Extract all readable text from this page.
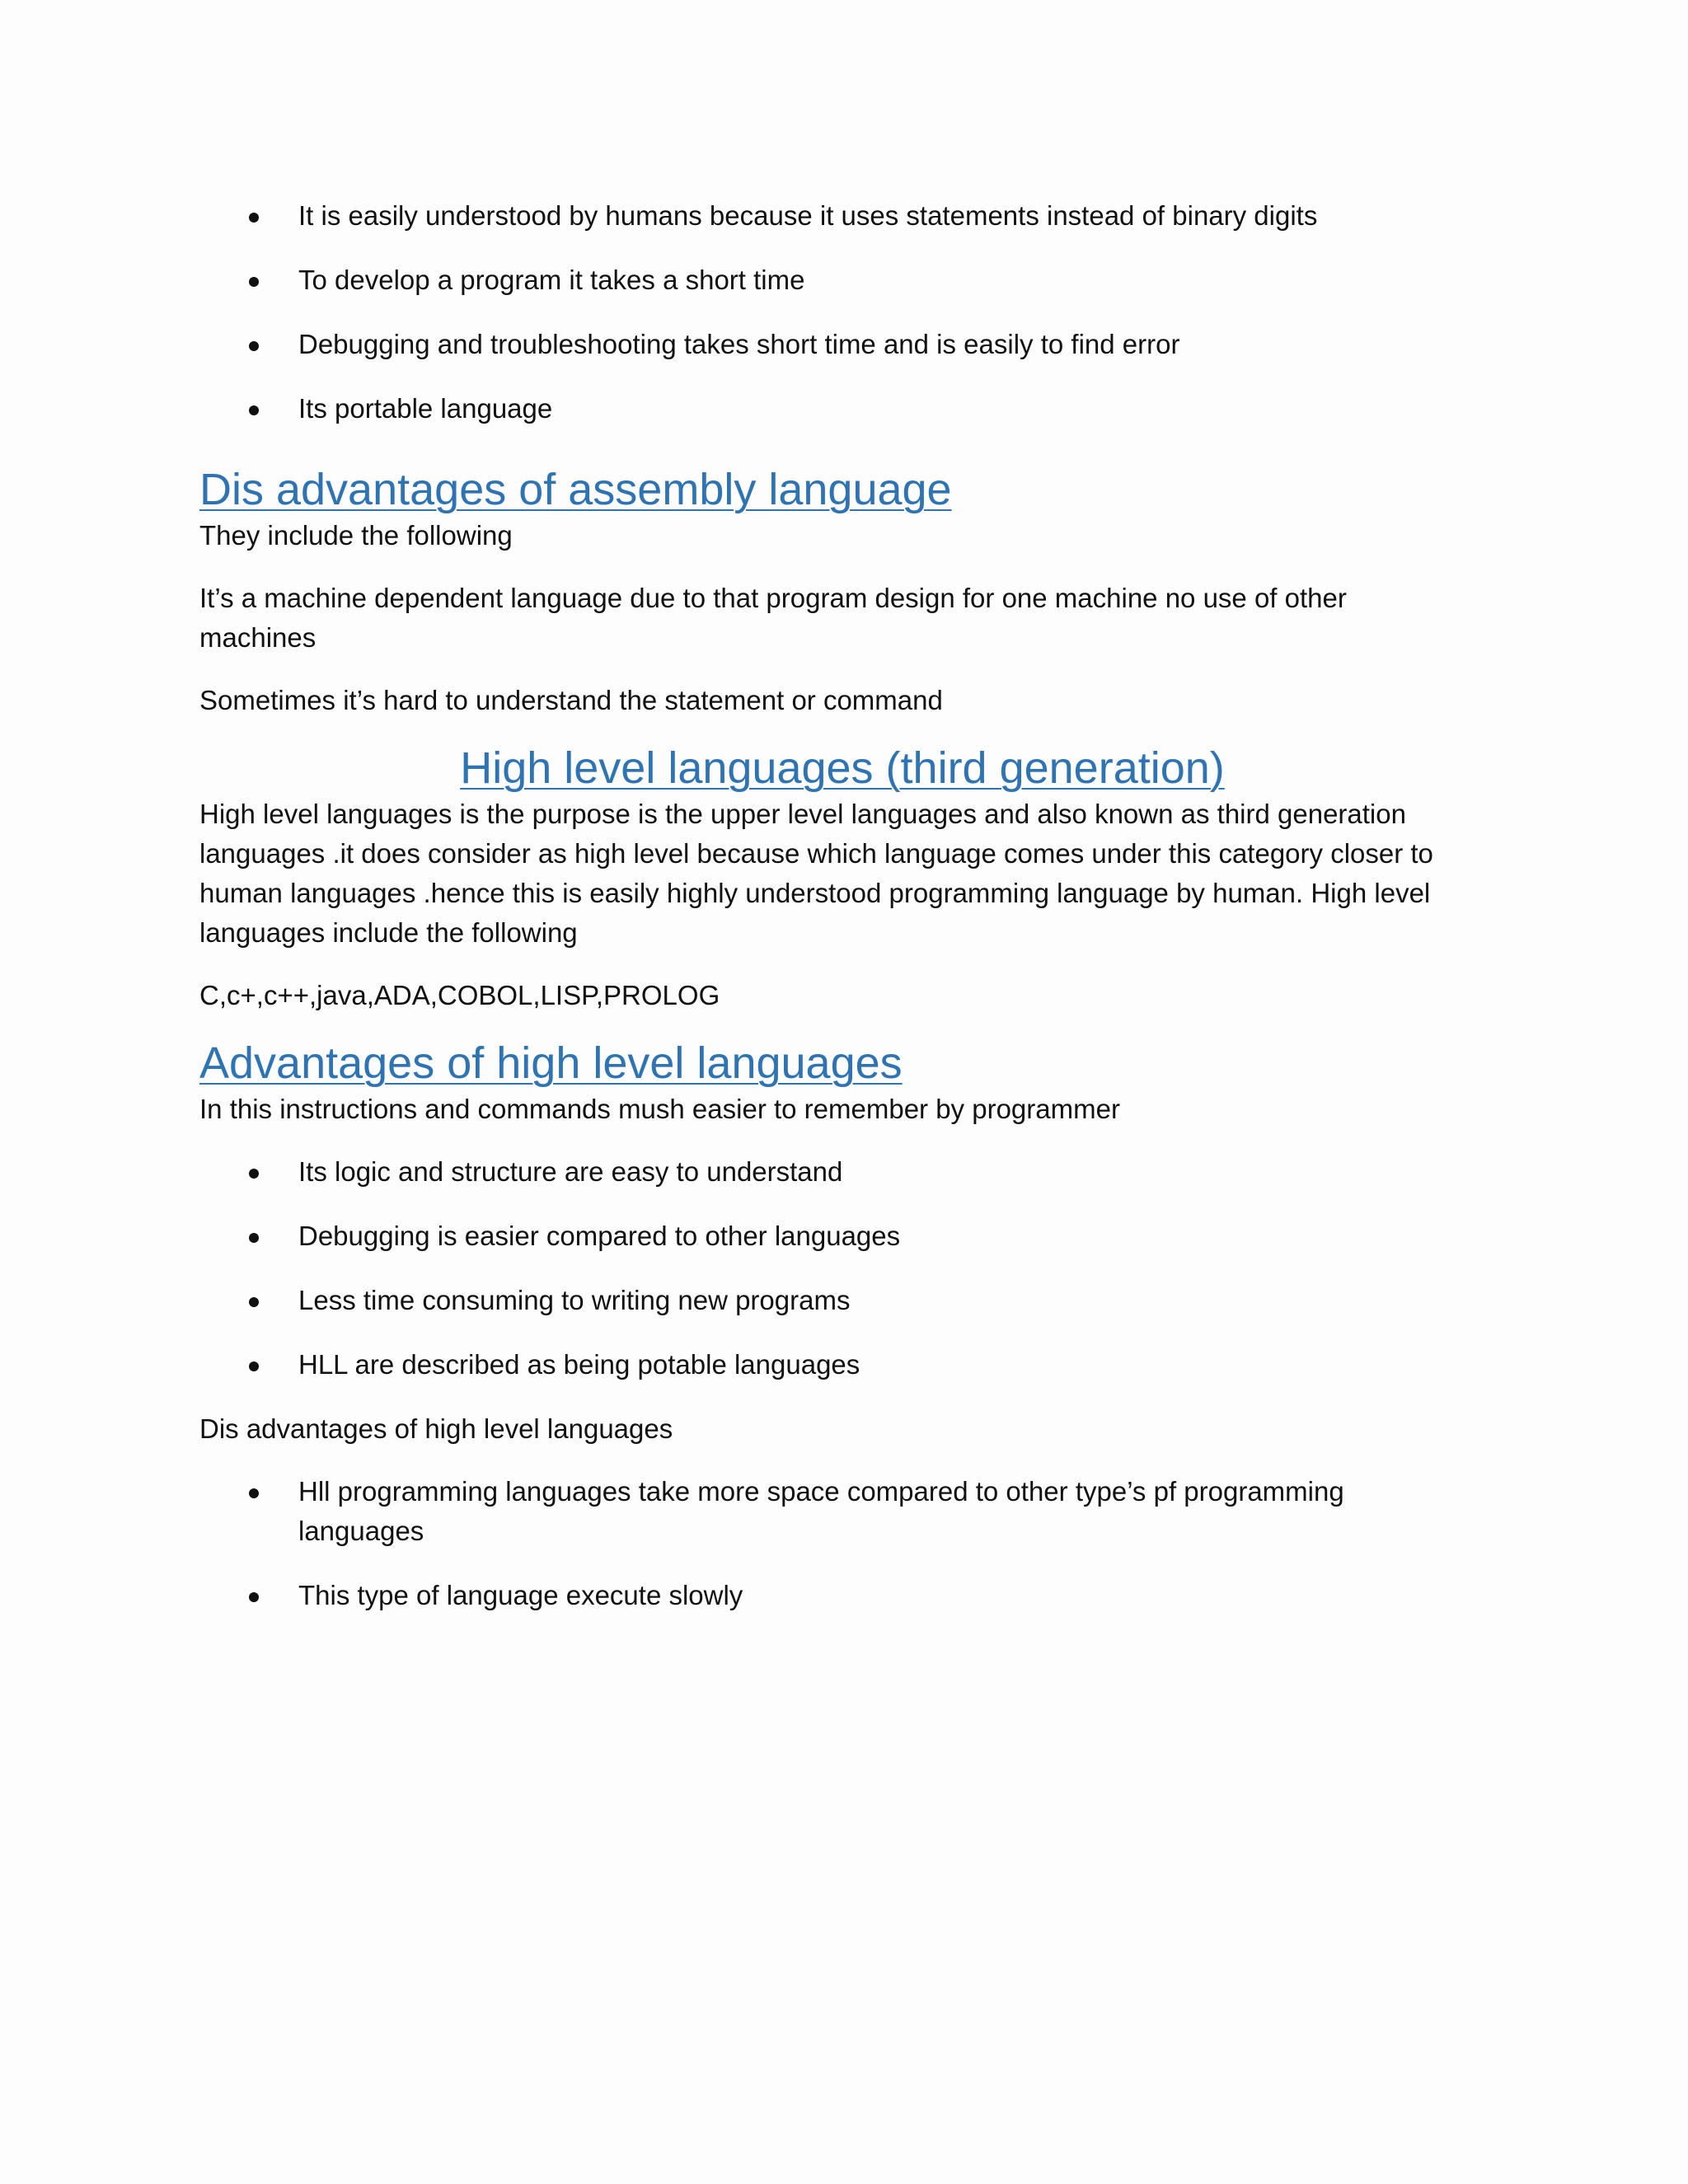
It is easily understood by humans because it uses statements instead of binary digits
To develop a program it takes a short time
Debugging and troubleshooting takes short time and is easily to find error
Its portable language
Dis advantages of assembly language

They include the following

It’s a machine dependent language due to that program design for one machine no use of other machines

Sometimes it’s hard to understand the statement or command

High level languages (third generation)

High level languages is the purpose is the upper level languages and also known as third generation languages .it does consider as high level because which language comes under this category closer to human languages .hence this is easily highly understood programming language by human. High level languages include the following

C,c+,c++,java,ADA,COBOL,LISP,PROLOG

Advantages of high level languages

In this instructions and commands mush easier to remember by programmer

Its logic and structure are easy to understand
Debugging is easier compared to other languages
Less time consuming to writing new programs
HLL are described as being potable languages

Dis advantages of high level languages

Hll programming languages take more space compared to other type’s pf programming languages
This type of language execute slowly
